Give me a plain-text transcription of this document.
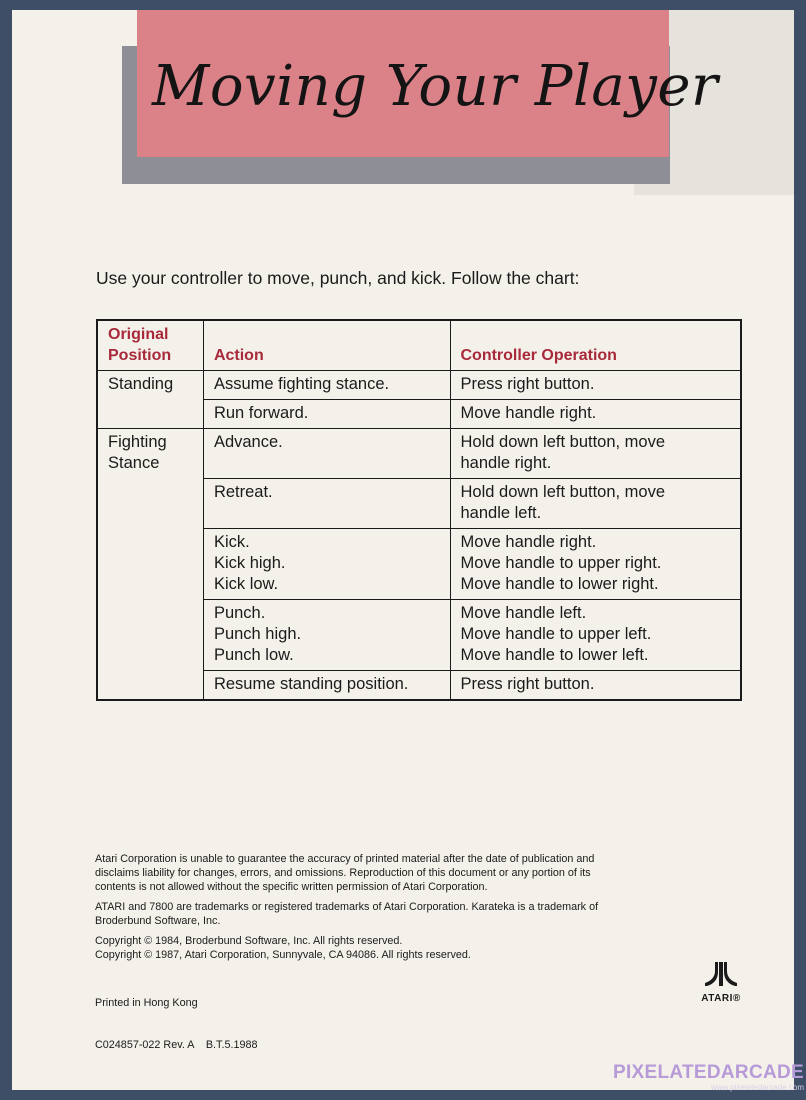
Moving Your Player

Use your controller to move, punch, and kick. Follow the chart:

Original
Position	Action	Controller Operation

Standing	Assume fighting stance.	Press right button.

	Run forward.	Move handle right.

Fighting
Stance	Advance.	Hold down left button, move
handle right.

	Retreat.	Hold down left button, move
handle left.

	Kick.
Kick high.
Kick low.	Move handle right.
Move handle to upper right.
Move handle to lower right.

	Punch.
Punch high.
Punch low.	Move handle left.
Move handle to upper left.
Move handle to lower left.

	Resume standing position.	Press right button.

Atari Corporation is unable to guarantee the accuracy of printed material after the date of publication and
disclaims liability for changes, errors, and omissions. Reproduction of this document or any portion of its
contents is not allowed without the specific written permission of Atari Corporation.

ATARI and 7800 are trademarks or registered trademarks of Atari Corporation. Karateka is a trademark of
Broderbund Software, Inc.

Copyright © 1984, Broderbund Software, Inc. All rights reserved.
Copyright © 1987, Atari Corporation, Sunnyvale, CA 94086. All rights reserved.

Printed in Hong Kong

C024857-022 Rev. A    B.T.5.1988

ATARI®
PIXELATEDARCADE
www.pixelatedarcade.com
